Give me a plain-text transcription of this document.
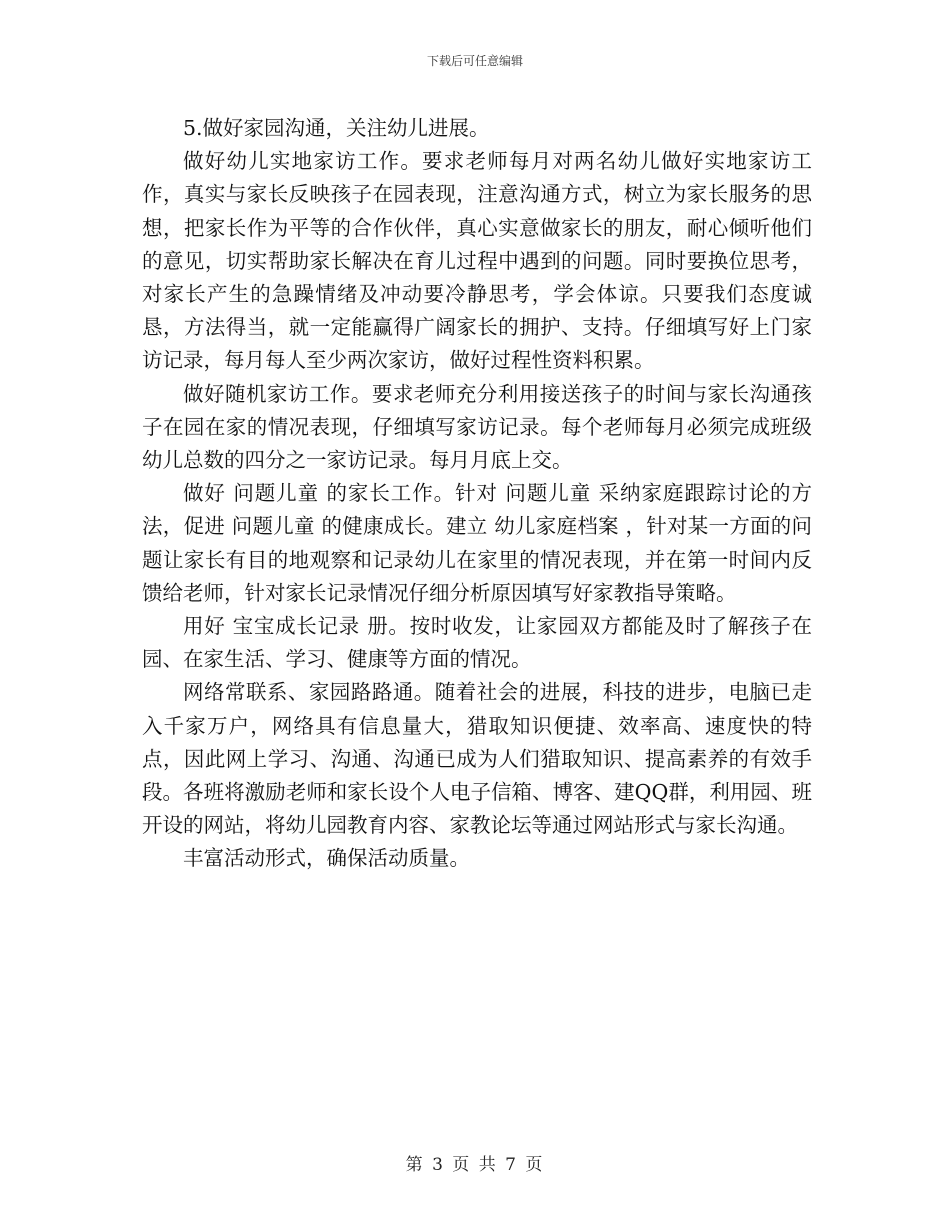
下载后可任意编辑

5.做好家园沟通，关注幼儿进展。

做好幼儿实地家访工作。要求老师每月对两名幼儿做好实地家访工作，真实与家长反映孩子在园表现，注意沟通方式，树立为家长服务的思想，把家长作为平等的合作伙伴，真心实意做家长的朋友，耐心倾听他们的意见，切实帮助家长解决在育儿过程中遇到的问题。同时要换位思考，对家长产生的急躁情绪及冲动要冷静思考，学会体谅。只要我们态度诚恳，方法得当，就一定能赢得广阔家长的拥护、支持。仔细填写好上门家访记录，每月每人至少两次家访，做好过程性资料积累。

做好随机家访工作。要求老师充分利用接送孩子的时间与家长沟通孩子在园在家的情况表现，仔细填写家访记录。每个老师每月必须完成班级幼儿总数的四分之一家访记录。每月月底上交。

做好 问题儿童 的家长工作。针对 问题儿童 采纳家庭跟踪讨论的方法，促进 问题儿童 的健康成长。建立 幼儿家庭档案 ，针对某一方面的问题让家长有目的地观察和记录幼儿在家里的情况表现，并在第一时间内反馈给老师，针对家长记录情况仔细分析原因填写好家教指导策略。

用好 宝宝成长记录 册。按时收发，让家园双方都能及时了解孩子在园、在家生活、学习、健康等方面的情况。

网络常联系、家园路路通。随着社会的进展，科技的进步，电脑已走入千家万户，网络具有信息量大，猎取知识便捷、效率高、速度快的特点，因此网上学习、沟通、沟通已成为人们猎取知识、提高素养的有效手段。各班将激励老师和家长设个人电子信箱、博客、建QQ群，利用园、班开设的网站，将幼儿园教育内容、家教论坛等通过网站形式与家长沟通。

丰富活动形式，确保活动质量。

第 3 页 共 7 页
